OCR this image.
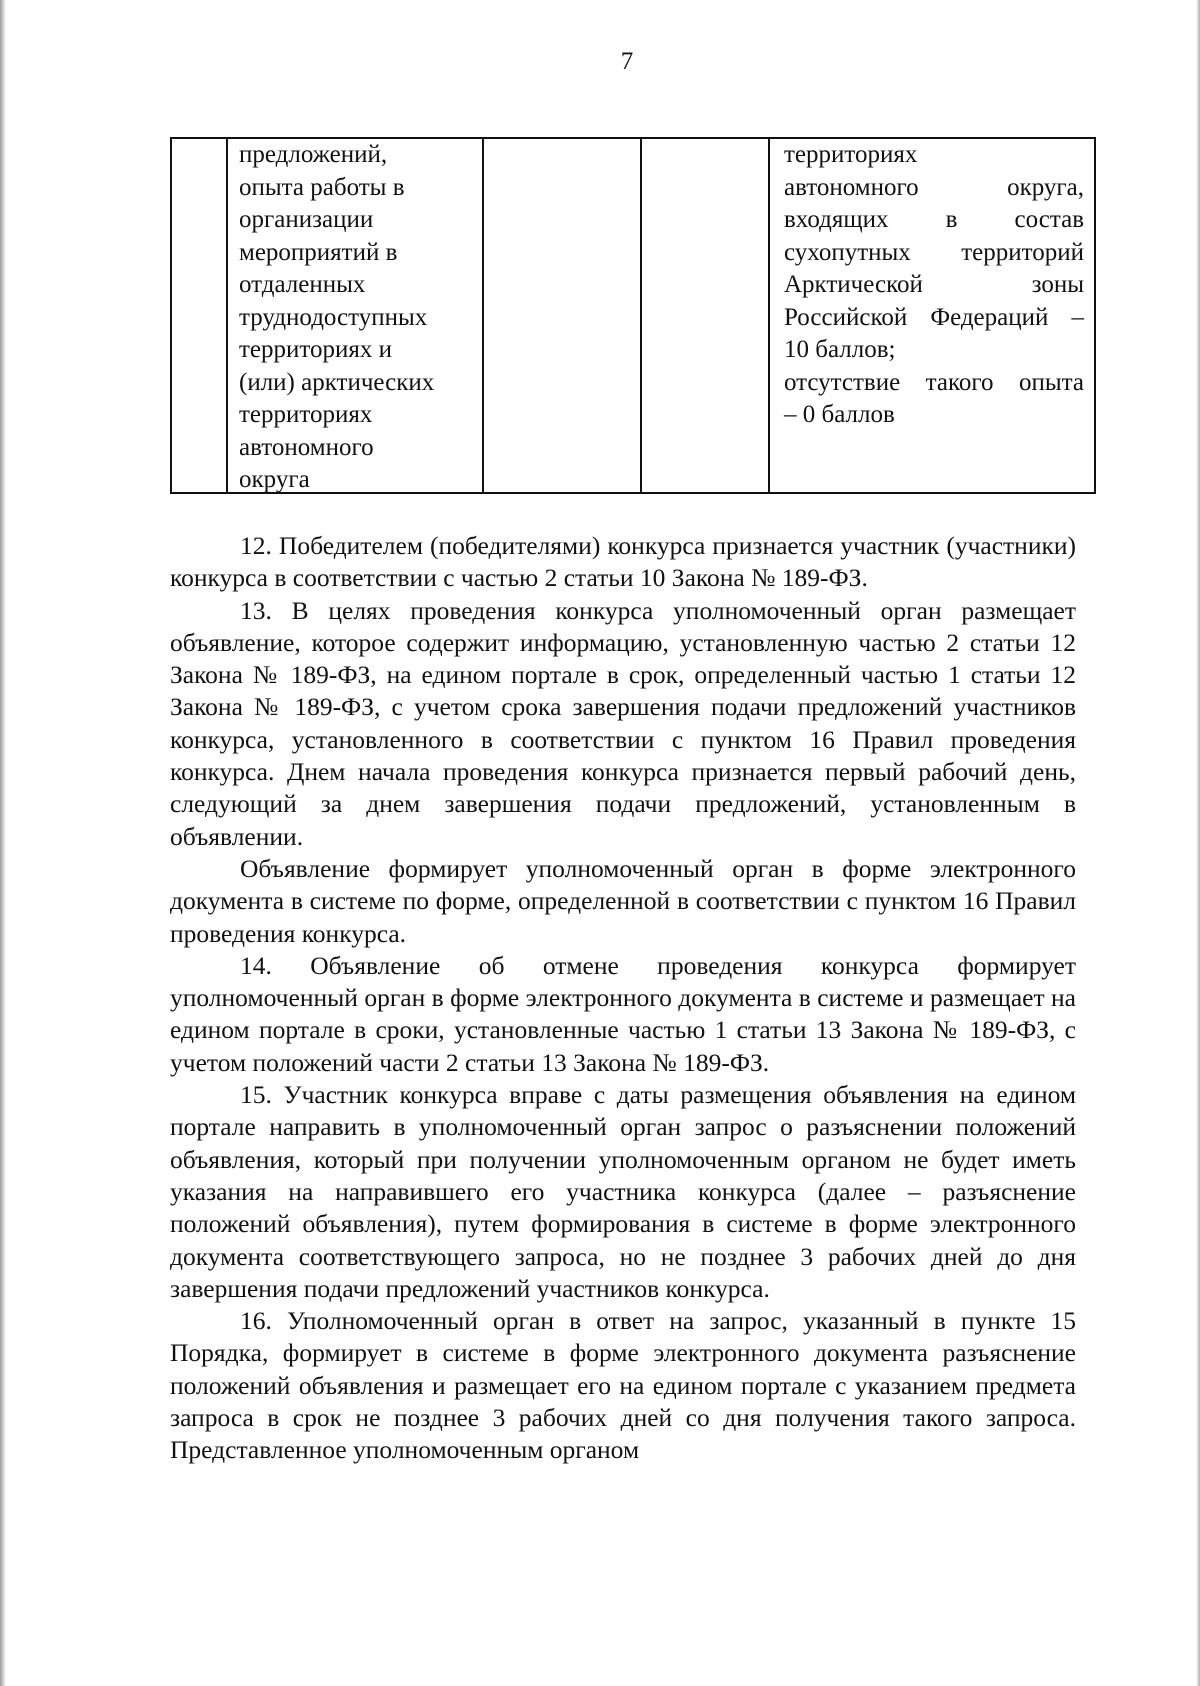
7
предложений,
опыта работы в
организации
мероприятий в
отдаленных
труднодоступных
территориях и
(или) арктических
территориях
автономного
округа
территориях
автономного округа,
входящих в состав
сухопутных территорий
Арктической зоны
Российской Федераций –
10 баллов;
отсутствие такого опыта
– 0 баллов

12. Победителем (победителями) конкурса признается участник (участники) конкурса в соответствии с частью 2 статьи 10 Закона № 189-ФЗ.

13. В целях проведения конкурса уполномоченный орган размещает объявление, которое содержит информацию, установленную частью 2 статьи 12 Закона № 189-ФЗ, на едином портале в срок, определенный частью 1 статьи 12 Закона № 189-ФЗ, с учетом срока завершения подачи предложений участников конкурса, установленного в соответствии с пунктом 16 Правил проведения конкурса. Днем начала проведения конкурса признается первый рабочий день, следующий за днем завершения подачи предложений, установленным в объявлении.

Объявление формирует уполномоченный орган в форме электронного документа в системе по форме, определенной в соответствии с пунктом 16 Правил проведения конкурса.

14. Объявление об отмене проведения конкурса формирует уполномоченный орган в форме электронного документа в системе и размещает на едином портале в сроки, установленные частью 1 статьи 13 Закона № 189-ФЗ, с учетом положений части 2 статьи 13 Закона № 189-ФЗ.

15. Участник конкурса вправе с даты размещения объявления на едином портале направить в уполномоченный орган запрос о разъяснении положений объявления, который при получении уполномоченным органом не будет иметь указания на направившего его участника конкурса (далее – разъяснение положений объявления), путем формирования в системе в форме электронного документа соответствующего запроса, но не позднее 3 рабочих дней до дня завершения подачи предложений участников конкурса.

16. Уполномоченный орган в ответ на запрос, указанный в пункте 15 Порядка, формирует в системе в форме электронного документа разъяснение положений объявления и размещает его на едином портале с указанием предмета запроса в срок не позднее 3 рабочих дней со дня получения такого запроса. Представленное уполномоченным органом
